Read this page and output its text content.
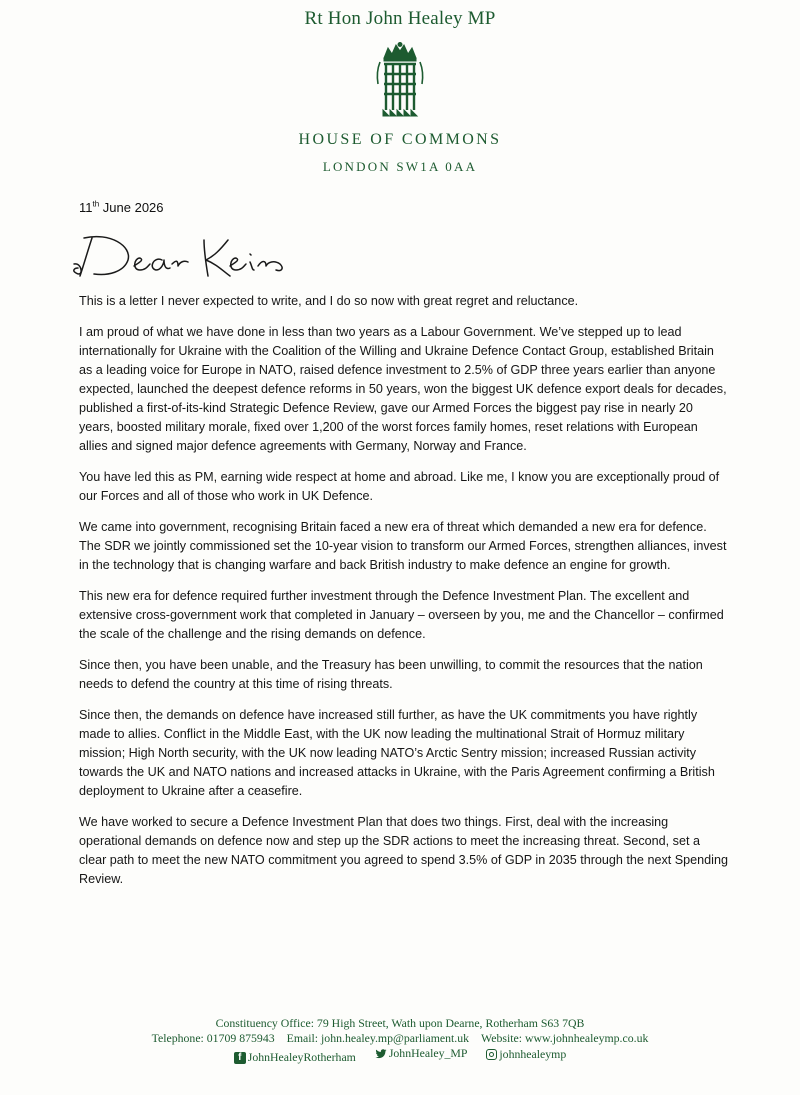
Rt Hon John Healey MP
HOUSE OF COMMONS
LONDON SW1A 0AA
11th June 2026

This is a letter I never expected to write, and I do so now with great regret and reluctance.

I am proud of what we have done in less than two years as a Labour Government. We’ve stepped up to lead internationally for Ukraine with the Coalition of the Willing and Ukraine Defence Contact Group, established Britain as a leading voice for Europe in NATO, raised defence investment to 2.5% of GDP three years earlier than anyone expected, launched the deepest defence reforms in 50 years, won the biggest UK defence export deals for decades, published a first-of-its-kind Strategic Defence Review, gave our Armed Forces the biggest pay rise in nearly 20 years, boosted military morale, fixed over 1,200 of the worst forces family homes, reset relations with European allies and signed major defence agreements with Germany, Norway and France.

You have led this as PM, earning wide respect at home and abroad. Like me, I know you are exceptionally proud of our Forces and all of those who work in UK Defence.

We came into government, recognising Britain faced a new era of threat which demanded a new era for defence. The SDR we jointly commissioned set the 10-year vision to transform our Armed Forces, strengthen alliances, invest in the technology that is changing warfare and back British industry to make defence an engine for growth.

This new era for defence required further investment through the Defence Investment Plan. The excellent and extensive cross-government work that completed in January – overseen by you, me and the Chancellor – confirmed the scale of the challenge and the rising demands on defence.

Since then, you have been unable, and the Treasury has been unwilling, to commit the resources that the nation needs to defend the country at this time of rising threats.

Since then, the demands on defence have increased still further, as have the UK commitments you have rightly made to allies. Conflict in the Middle East, with the UK now leading the multinational Strait of Hormuz military mission; High North security, with the UK now leading NATO’s Arctic Sentry mission; increased Russian activity towards the UK and NATO nations and increased attacks in Ukraine, with the Paris Agreement confirming a British deployment to Ukraine after a ceasefire.

We have worked to secure a Defence Investment Plan that does two things. First, deal with the increasing operational demands on defence now and step up the SDR actions to meet the increasing threat. Second, set a clear path to meet the new NATO commitment you agreed to spend 3.5% of GDP in 2035 through the next Spending Review.

Constituency Office: 79 High Street, Wath upon Dearne, Rotherham S63 7QB
Telephone: 01709 875943 Email: john.healey.mp@parliament.uk Website: www.johnhealeymp.co.uk
f JohnHealeyRotherham
	JohnHealey_MP
	johnhealeymp
